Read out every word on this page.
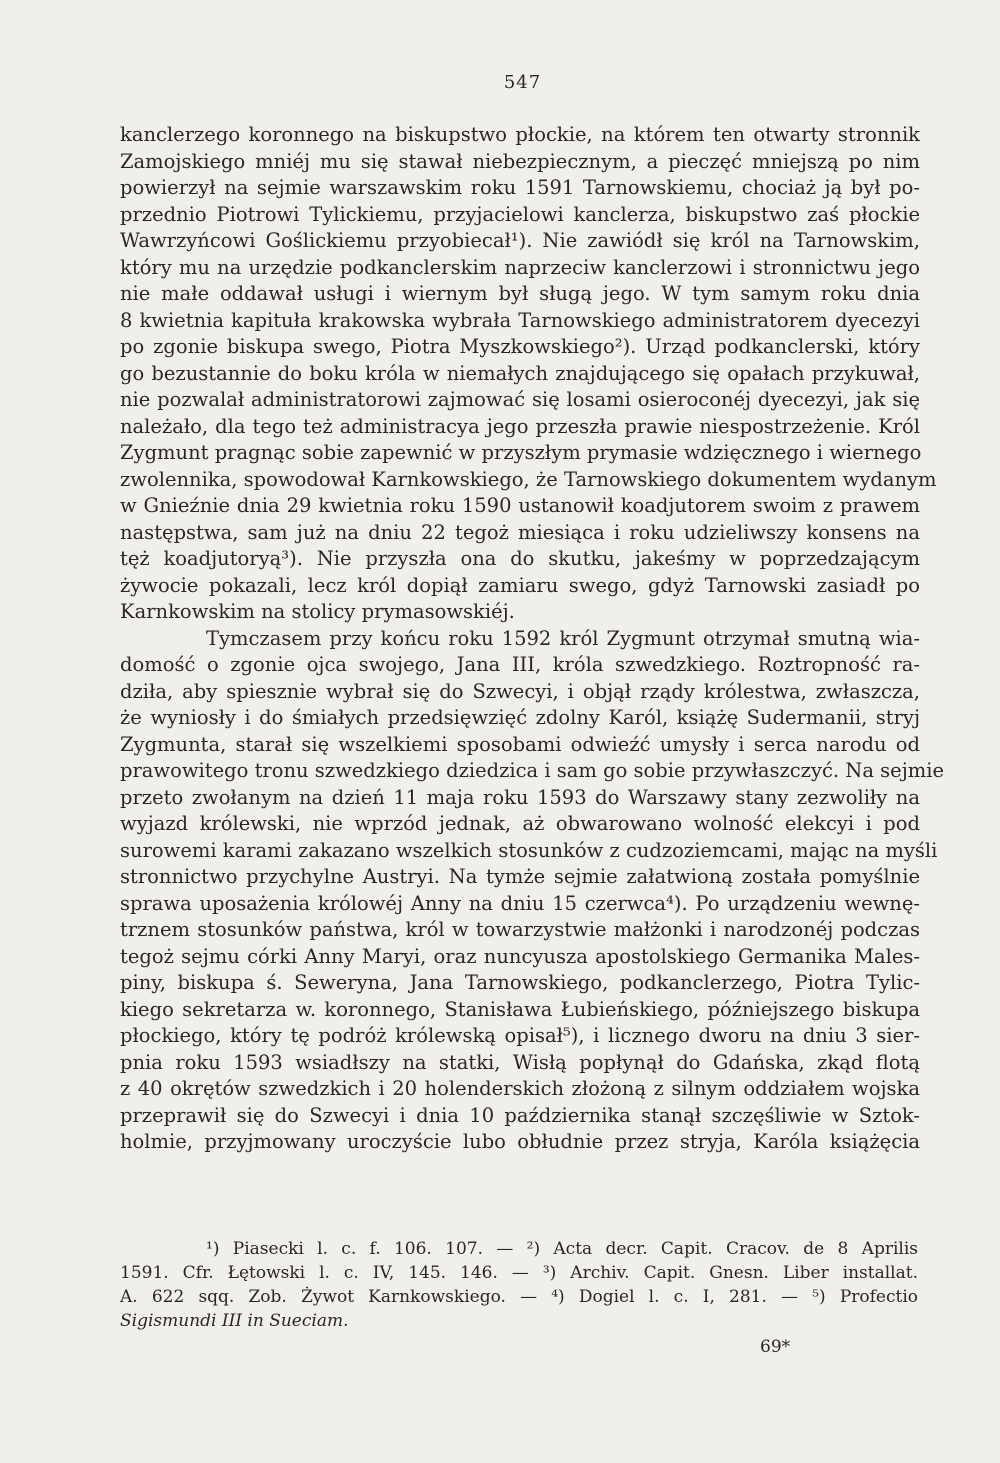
547
kanclerzego koronnego na biskupstwo płockie, na którem ten otwarty stronnik
Zamojskiego mniéj mu się stawał niebezpiecznym, a pieczęć mniejszą po nim
powierzył na sejmie warszawskim roku 1591 Tarnowskiemu, chociaż ją był po-
przednio Piotrowi Tylickiemu, przyjacielowi kanclerza, biskupstwo zaś płockie
Wawrzyńcowi Goślickiemu przyobiecał¹). Nie zawiódł się król na Tarnowskim,
który mu na urzędzie podkanclerskim naprzeciw kanclerzowi i stronnictwu jego
nie małe oddawał usługi i wiernym był sługą jego. W tym samym roku dnia
8 kwietnia kapituła krakowska wybrała Tarnowskiego administratorem dyecezyi
po zgonie biskupa swego, Piotra Myszkowskiego²). Urząd podkanclerski, który
go bezustannie do boku króla w niemałych znajdującego się opałach przykuwał,
nie pozwalał administratorowi zajmować się losami osieroconéj dyecezyi, jak się
należało, dla tego też administracya jego przeszła prawie niespostrzeżenie. Król
Zygmunt pragnąc sobie zapewnić w przyszłym prymasie wdzięcznego i wiernego
zwolennika, spowodował Karnkowskiego, że Tarnowskiego dokumentem wydanym
w Gnieźnie dnia 29 kwietnia roku 1590 ustanowił koadjutorem swoim z prawem
następstwa, sam już na dniu 22 tegoż miesiąca i roku udzieliwszy konsens na
tęż koadjutoryą³). Nie przyszła ona do skutku, jakeśmy w poprzedzającym
żywocie pokazali, lecz król dopiął zamiaru swego, gdyż Tarnowski zasiadł po
Karnkowskim na stolicy prymasowskiéj.
Tymczasem przy końcu roku 1592 król Zygmunt otrzymał smutną wia-
domość o zgonie ojca swojego, Jana III, króla szwedzkiego. Roztropność ra-
dziła, aby spiesznie wybrał się do Szwecyi, i objął rządy królestwa, zwłaszcza,
że wyniosły i do śmiałych przedsięwzięć zdolny Karól, książę Sudermanii, stryj
Zygmunta, starał się wszelkiemi sposobami odwieźć umysły i serca narodu od
prawowitego tronu szwedzkiego dziedzica i sam go sobie przywłaszczyć. Na sejmie
przeto zwołanym na dzień 11 maja roku 1593 do Warszawy stany zezwoliły na
wyjazd królewski, nie wprzód jednak, aż obwarowano wolność elekcyi i pod
surowemi karami zakazano wszelkich stosunków z cudzoziemcami, mając na myśli
stronnictwo przychylne Austryi. Na tymże sejmie załatwioną została pomyślnie
sprawa uposażenia królowéj Anny na dniu 15 czerwca⁴). Po urządzeniu wewnę-
trznem stosunków państwa, król w towarzystwie małżonki i narodzonéj podczas
tegoż sejmu córki Anny Maryi, oraz nuncyusza apostolskiego Germanika Males-
piny, biskupa ś. Seweryna, Jana Tarnowskiego, podkanclerzego, Piotra Tylic-
kiego sekretarza w. koronnego, Stanisława Łubieńskiego, późniejszego biskupa
płockiego, który tę podróż królewską opisał⁵), i licznego dworu na dniu 3 sier-
pnia roku 1593 wsiadłszy na statki, Wisłą popłynął do Gdańska, zkąd flotą
z 40 okrętów szwedzkich i 20 holenderskich złożoną z silnym oddziałem wojska
przeprawił się do Szwecyi i dnia 10 października stanął szczęśliwie w Sztok-
holmie, przyjmowany uroczyście lubo obłudnie przez stryja, Karóla książęcia
¹) Piasecki l. c. f. 106. 107. — ²) Acta decr. Capit. Cracov. de 8 Aprilis
1591. Cfr. Łętowski l. c. IV, 145. 146. — ³) Archiv. Capit. Gnesn. Liber installat.
A. 622 sqq. Zob. Żywot Karnkowskiego. — ⁴) Dogiel l. c. I, 281. — ⁵) Profectio
Sigismundi III in Sueciam.
69*
